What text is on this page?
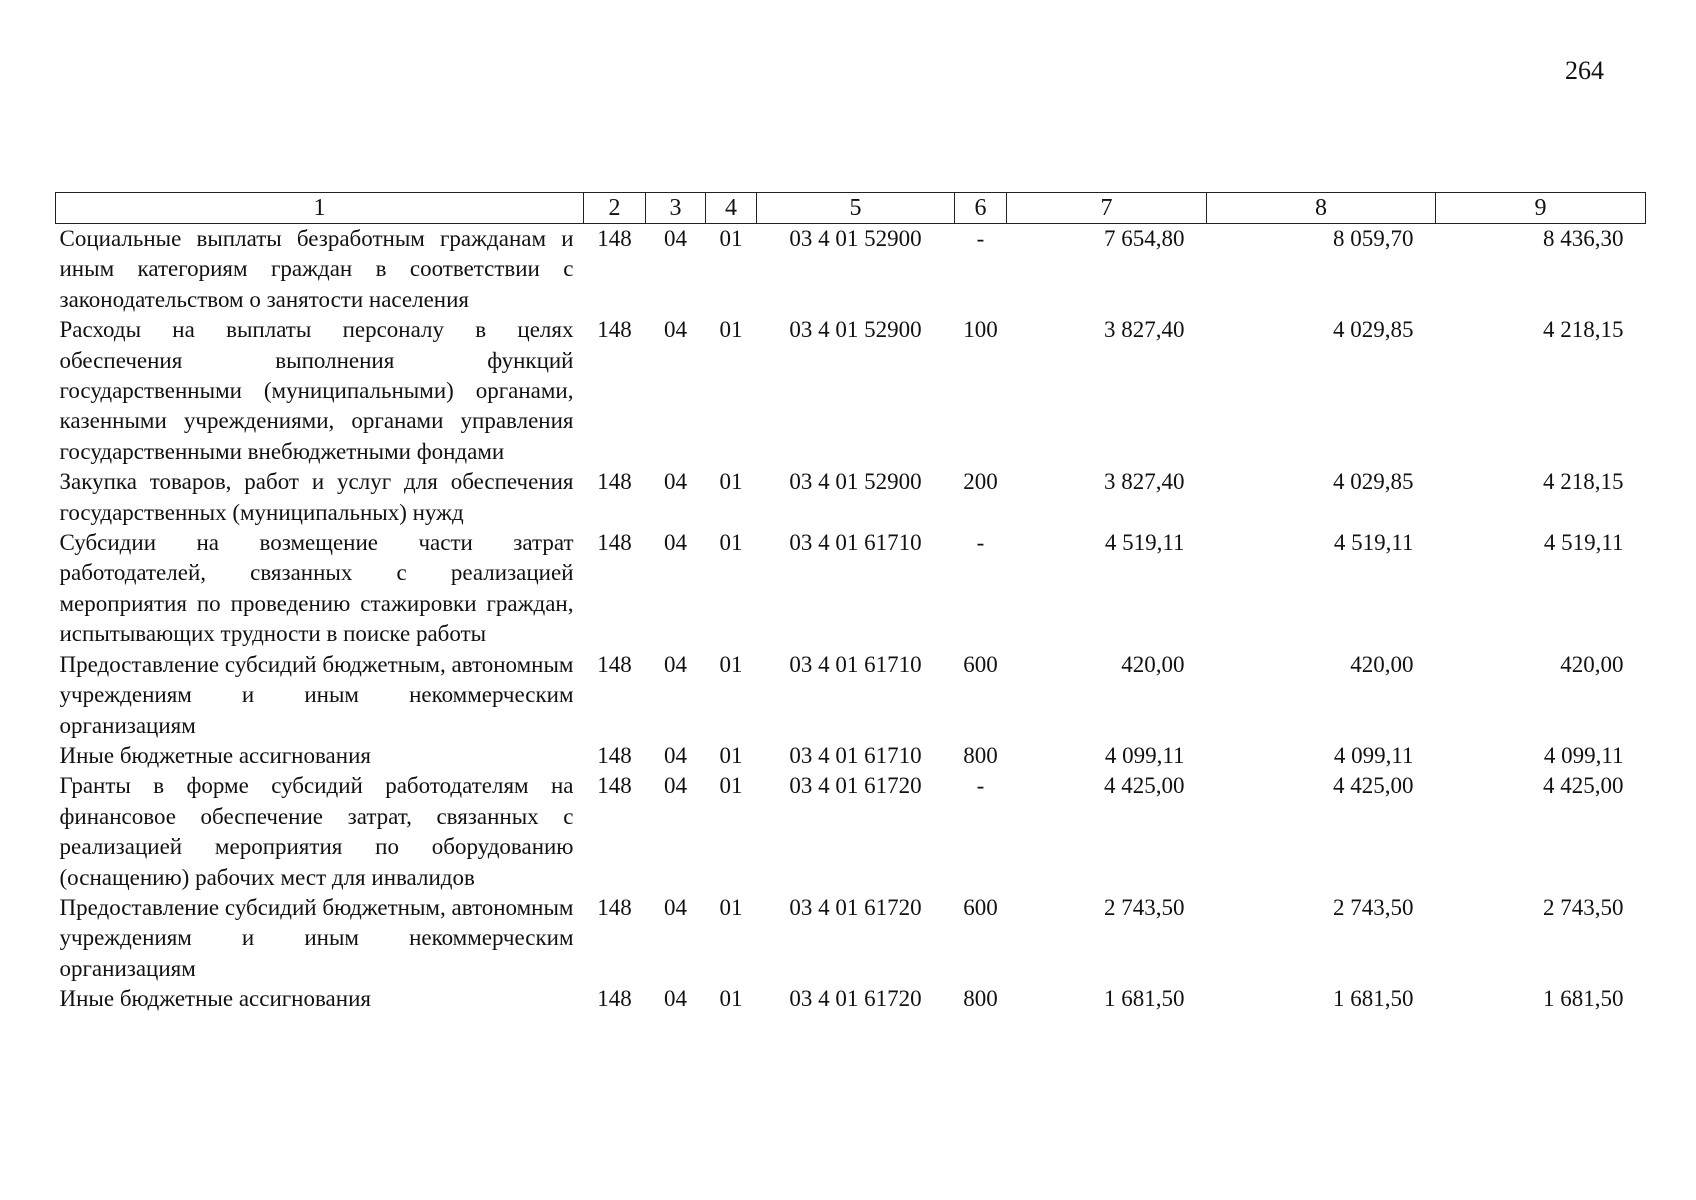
264
1	2	3	4	5	6	7	8	9
Социальные выплаты безработным гражданам и иным категориям граждан в соответствии с законодательством о занятости населения	148	04	01	03 4 01 52900	-	7 654,80	8 059,70	8 436,30
Расходы на выплаты персоналу в целях обеспечения выполнения функций государственными (муниципальными) органами, казенными учреждениями, органами управления государственными внебюджетными фондами	148	04	01	03 4 01 52900	100	3 827,40	4 029,85	4 218,15
Закупка товаров, работ и услуг для обеспечения государственных (муниципальных) нужд	148	04	01	03 4 01 52900	200	3 827,40	4 029,85	4 218,15
Субсидии на возмещение части затрат работодателей, связанных с реализацией мероприятия по проведению стажировки граждан, испытывающих трудности в поиске работы	148	04	01	03 4 01 61710	-	4 519,11	4 519,11	4 519,11
Предоставление субсидий бюджетным, автономным учреждениям и иным некоммерческим организациям	148	04	01	03 4 01 61710	600	420,00	420,00	420,00
Иные бюджетные ассигнования	148	04	01	03 4 01 61710	800	4 099,11	4 099,11	4 099,11
Гранты в форме субсидий работодателям на финансовое обеспечение затрат, связанных с реализацией мероприятия по оборудованию (оснащению) рабочих мест для инвалидов	148	04	01	03 4 01 61720	-	4 425,00	4 425,00	4 425,00
Предоставление субсидий бюджетным, автономным учреждениям и иным некоммерческим организациям	148	04	01	03 4 01 61720	600	2 743,50	2 743,50	2 743,50
Иные бюджетные ассигнования	148	04	01	03 4 01 61720	800	1 681,50	1 681,50	1 681,50
